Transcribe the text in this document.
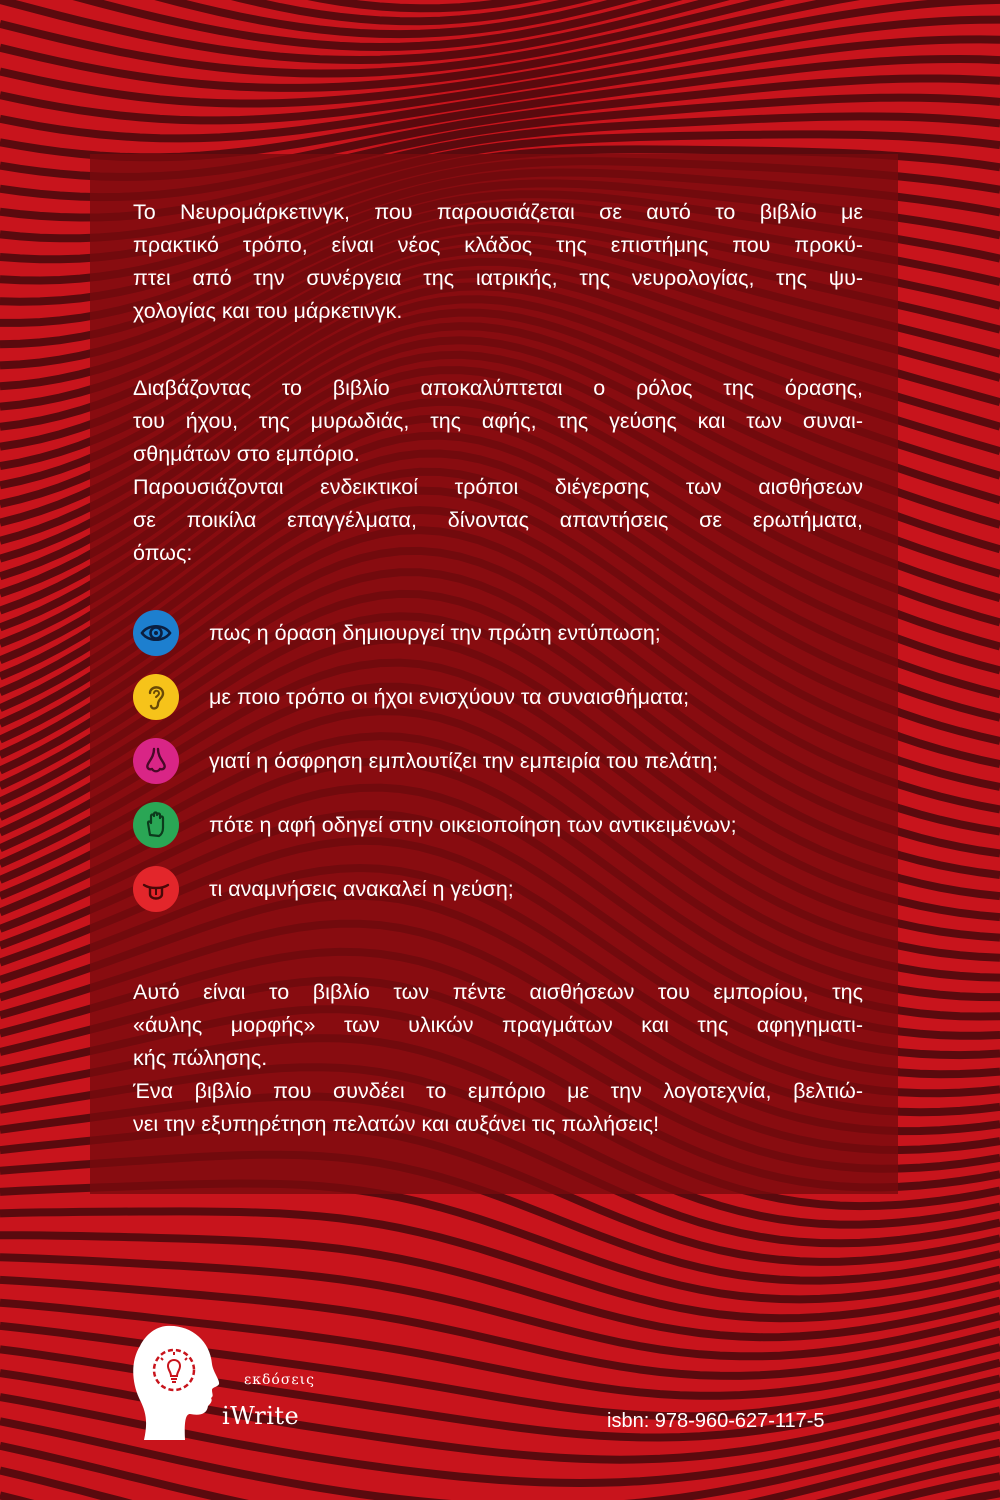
Το Νευρομάρκετινγκ, που παρουσιάζεται σε αυτό το βιβλίο με
πρακτικό τρόπο, είναι νέος κλάδος της επιστήμης που προκύ-
πτει από την συνέργεια της ιατρικής, της νευρολογίας, της ψυ-
χολογίας και του μάρκετινγκ.
Διαβάζοντας το βιβλίο αποκαλύπτεται ο ρόλος της όρασης,
του ήχου, της μυρωδιάς, της αφής, της γεύσης και των συναι-
σθημάτων στο εμπόριο.
Παρουσιάζονται ενδεικτικοί τρόποι διέγερσης των αισθήσεων
σε ποικίλα επαγγέλματα, δίνοντας απαντήσεις σε ερωτήματα,
όπως:
πως η όραση δημιουργεί την πρώτη εντύπωση;
με ποιο τρόπο οι ήχοι ενισχύουν τα συναισθήματα;
γιατί η όσφρηση εμπλουτίζει την εμπειρία του πελάτη;
πότε η αφή οδηγεί στην οικειοποίηση των αντικειμένων;
τι αναμνήσεις ανακαλεί η γεύση;
Αυτό είναι το βιβλίο των πέντε αισθήσεων του εμπορίου, της
«άυλης μορφής» των υλικών πραγμάτων και της αφηγηματι-
κής πώλησης.
Ένα βιβλίο που συνδέει το εμπόριο με την λογοτεχνία, βελτιώ-
νει την εξυπηρέτηση πελατών και αυξάνει τις πωλήσεις!
εκδόσεις
iWrite	isbn: 978-960-627-117-5
